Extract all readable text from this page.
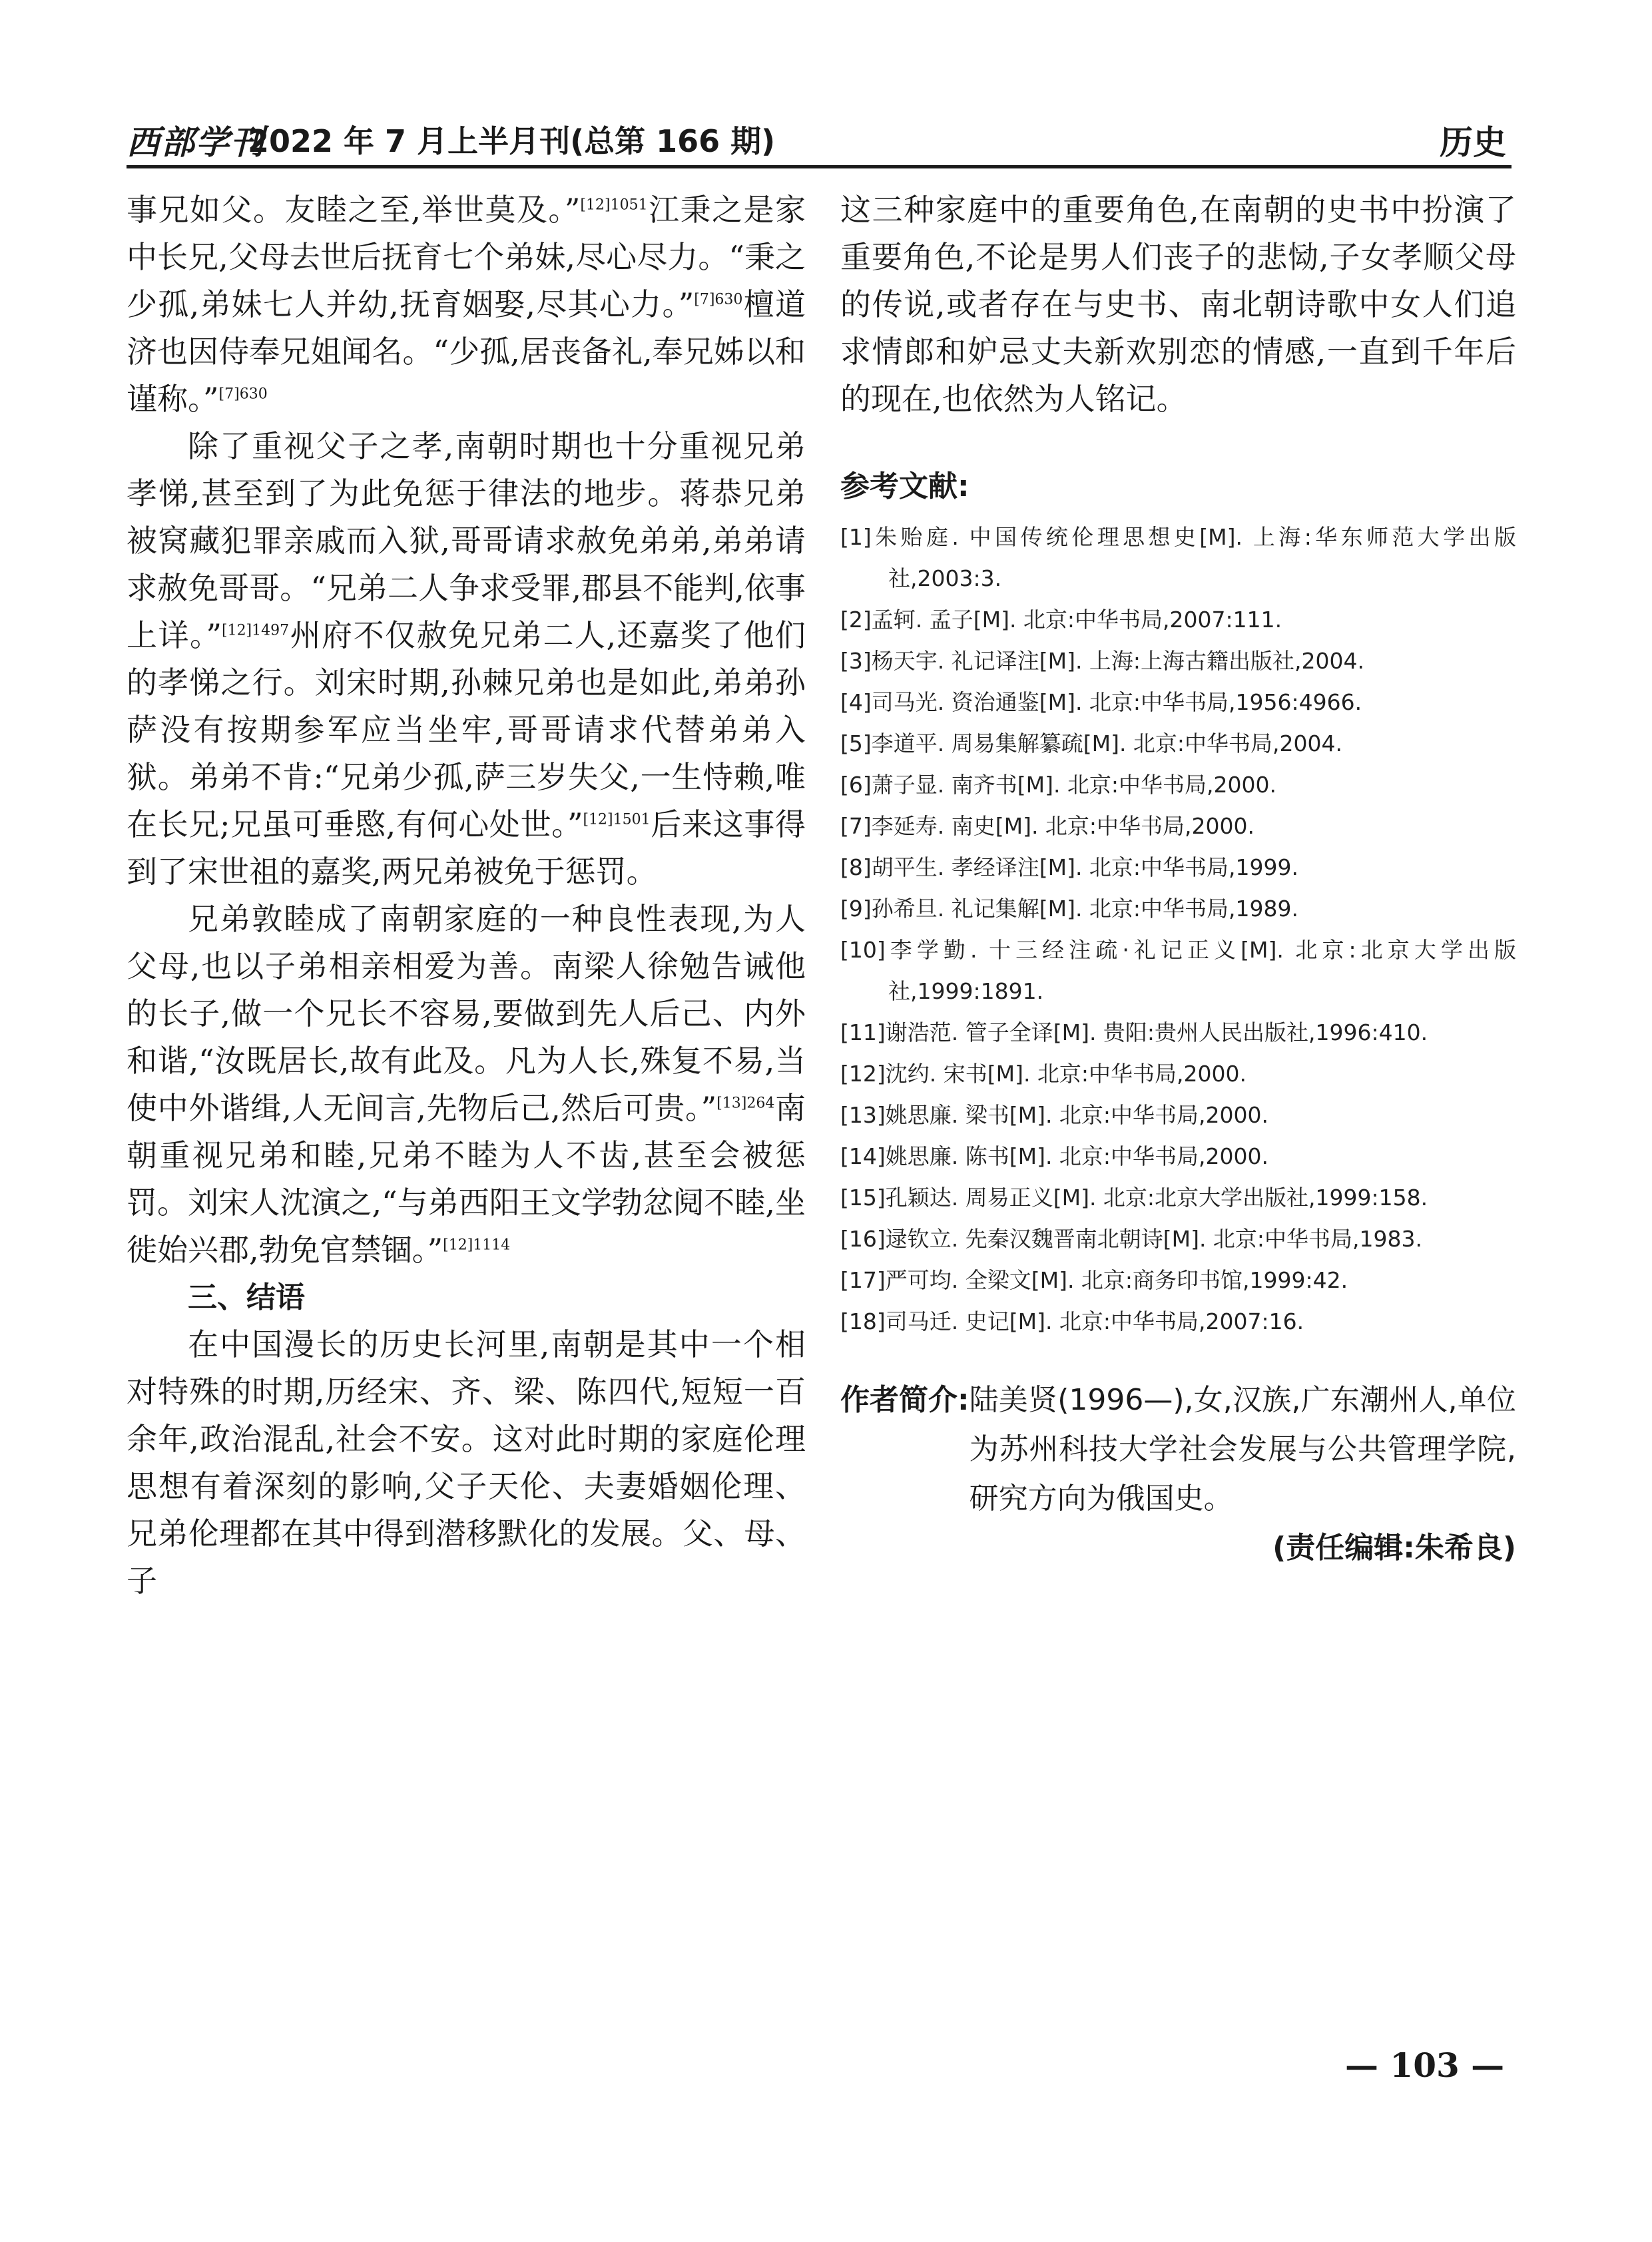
西部学刊
2022 年 7 月上半月刊(总第 166 期)	历史

事兄如父。友睦之至,举世莫及。”$^{[12]1051}$江秉之是家中长兄,父母去世后抚育七个弟妹,尽心尽力。“秉之少孤,弟妹七人并幼,抚育姻娶,尽其心力。”$^{[7]630}$檀道济也因侍奉兄姐闻名。“少孤,居丧备礼,奉兄姊以和谨称。”$^{[7]630}$

除了重视父子之孝,南朝时期也十分重视兄弟孝悌,甚至到了为此免惩于律法的地步。蒋恭兄弟被窝藏犯罪亲戚而入狱,哥哥请求赦免弟弟,弟弟请求赦免哥哥。“兄弟二人争求受罪,郡县不能判,依事上详。”$^{[12]1497}$州府不仅赦免兄弟二人,还嘉奖了他们的孝悌之行。刘宋时期,孙棘兄弟也是如此,弟弟孙萨没有按期参军应当坐牢,哥哥请求代替弟弟入狱。弟弟不肯:“兄弟少孤,萨三岁失父,一生恃赖,唯在长兄;兄虽可垂愍,有何心处世。”$^{[12]1501}$后来这事得到了宋世祖的嘉奖,两兄弟被免于惩罚。

兄弟敦睦成了南朝家庭的一种良性表现,为人父母,也以子弟相亲相爱为善。南梁人徐勉告诫他的长子,做一个兄长不容易,要做到先人后己、内外和谐,“汝既居长,故有此及。凡为人长,殊复不易,当使中外谐缉,人无间言,先物后己,然后可贵。”$^{[13]264}$南朝重视兄弟和睦,兄弟不睦为人不齿,甚至会被惩罚。刘宋人沈演之,“与弟西阳王文学勃忿阋不睦,坐徙始兴郡,勃免官禁锢。”$^{[12]1114}$

三、结语

在中国漫长的历史长河里,南朝是其中一个相对特殊的时期,历经宋、齐、梁、陈四代,短短一百余年,政治混乱,社会不安。这对此时期的家庭伦理思想有着深刻的影响,父子天伦、夫妻婚姻伦理、兄弟伦理都在其中得到潜移默化的发展。父、母、子

这三种家庭中的重要角色,在南朝的史书中扮演了重要角色,不论是男人们丧子的悲恸,子女孝顺父母的传说,或者存在与史书、南北朝诗歌中女人们追求情郎和妒忌丈夫新欢别恋的情感,一直到千年后的现在,也依然为人铭记。

参考文献:
[1]朱贻庭. 中国传统伦理思想史[M]. 上海:华东师范大学出版社,2003:3.
[2]孟轲. 孟子[M]. 北京:中华书局,2007:111.
[3]杨天宇. 礼记译注[M]. 上海:上海古籍出版社,2004.
[4]司马光. 资治通鉴[M]. 北京:中华书局,1956:4966.
[5]李道平. 周易集解纂疏[M]. 北京:中华书局,2004.
[6]萧子显. 南齐书[M]. 北京:中华书局,2000.
[7]李延寿. 南史[M]. 北京:中华书局,2000.
[8]胡平生. 孝经译注[M]. 北京:中华书局,1999.
[9]孙希旦. 礼记集解[M]. 北京:中华书局,1989.
[10]李学勤. 十三经注疏·礼记正义[M]. 北京:北京大学出版社,1999:1891.
[11]谢浩范. 管子全译[M]. 贵阳:贵州人民出版社,1996:410.
[12]沈约. 宋书[M]. 北京:中华书局,2000.
[13]姚思廉. 梁书[M]. 北京:中华书局,2000.
[14]姚思廉. 陈书[M]. 北京:中华书局,2000.
[15]孔颖达. 周易正义[M]. 北京:北京大学出版社,1999:158.
[16]逯钦立. 先秦汉魏晋南北朝诗[M]. 北京:中华书局,1983.
[17]严可均. 全梁文[M]. 北京:商务印书馆,1999:42.
[18]司马迁. 史记[M]. 北京:中华书局,2007:16.
作者简介: 陆美贤(1996—),女,汉族,广东潮州人,单位为苏州科技大学社会发展与公共管理学院,研究方向为俄国史。
(责任编辑:朱希良)
— 103 —
